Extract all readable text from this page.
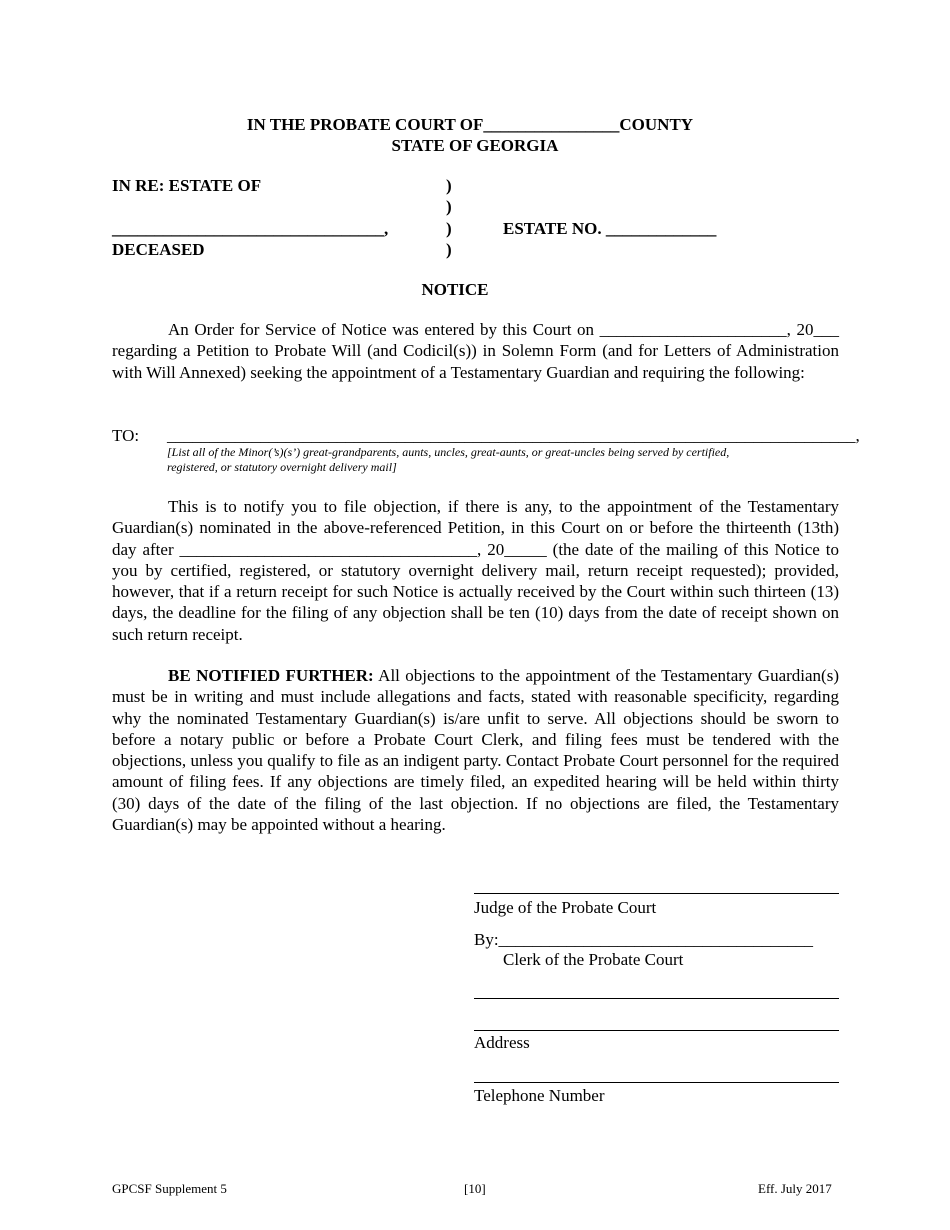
IN THE PROBATE COURT OF________________COUNTY
STATE OF GEORGIA
IN RE: ESTATE OF
________________________________,
DECEASED
)
)
)
)
ESTATE NO. _____________
NOTICE
An Order for Service of Notice was entered by this Court on ______________________, 20___ regarding a Petition to Probate Will (and Codicil(s)) in Solemn Form (and for Letters of Administration with Will Annexed) seeking the appointment of a Testamentary Guardian and requiring the following:
TO: _________________________________________________________________________________,
[List all of the Minor(’s)(s’) great-grandparents, aunts, uncles, great-aunts, or great-uncles being served by certified,
registered, or statutory overnight delivery mail]
This is to notify you to file objection, if there is any, to the appointment of the Testamentary Guardian(s) nominated in the above-referenced Petition, in this Court on or before the thirteenth (13th) day after ___________________________________, 20_____ (the date of the mailing of this Notice to you by certified, registered, or statutory overnight delivery mail, return receipt requested); provided, however, that if a return receipt for such Notice is actually received by the Court within such thirteen (13) days, the deadline for the filing of any objection shall be ten (10) days from the date of receipt shown on such return receipt.
BE NOTIFIED FURTHER: All objections to the appointment of the Testamentary Guardian(s) must be in writing and must include allegations and facts, stated with reasonable specificity, regarding why the nominated Testamentary Guardian(s) is/are unfit to serve. All objections should be sworn to before a notary public or before a Probate Court Clerk, and filing fees must be tendered with the objections, unless you qualify to file as an indigent party. Contact Probate Court personnel for the required amount of filing fees. If any objections are timely filed, an expedited hearing will be held within thirty (30) days of the date of the filing of the last objection. If no objections are filed, the Testamentary Guardian(s) may be appointed without a hearing.
Judge of the Probate Court
By:_____________________________________
Clerk of the Probate Court
Address
Telephone Number
GPCSF Supplement 5	[10]	Eff. July 2017
